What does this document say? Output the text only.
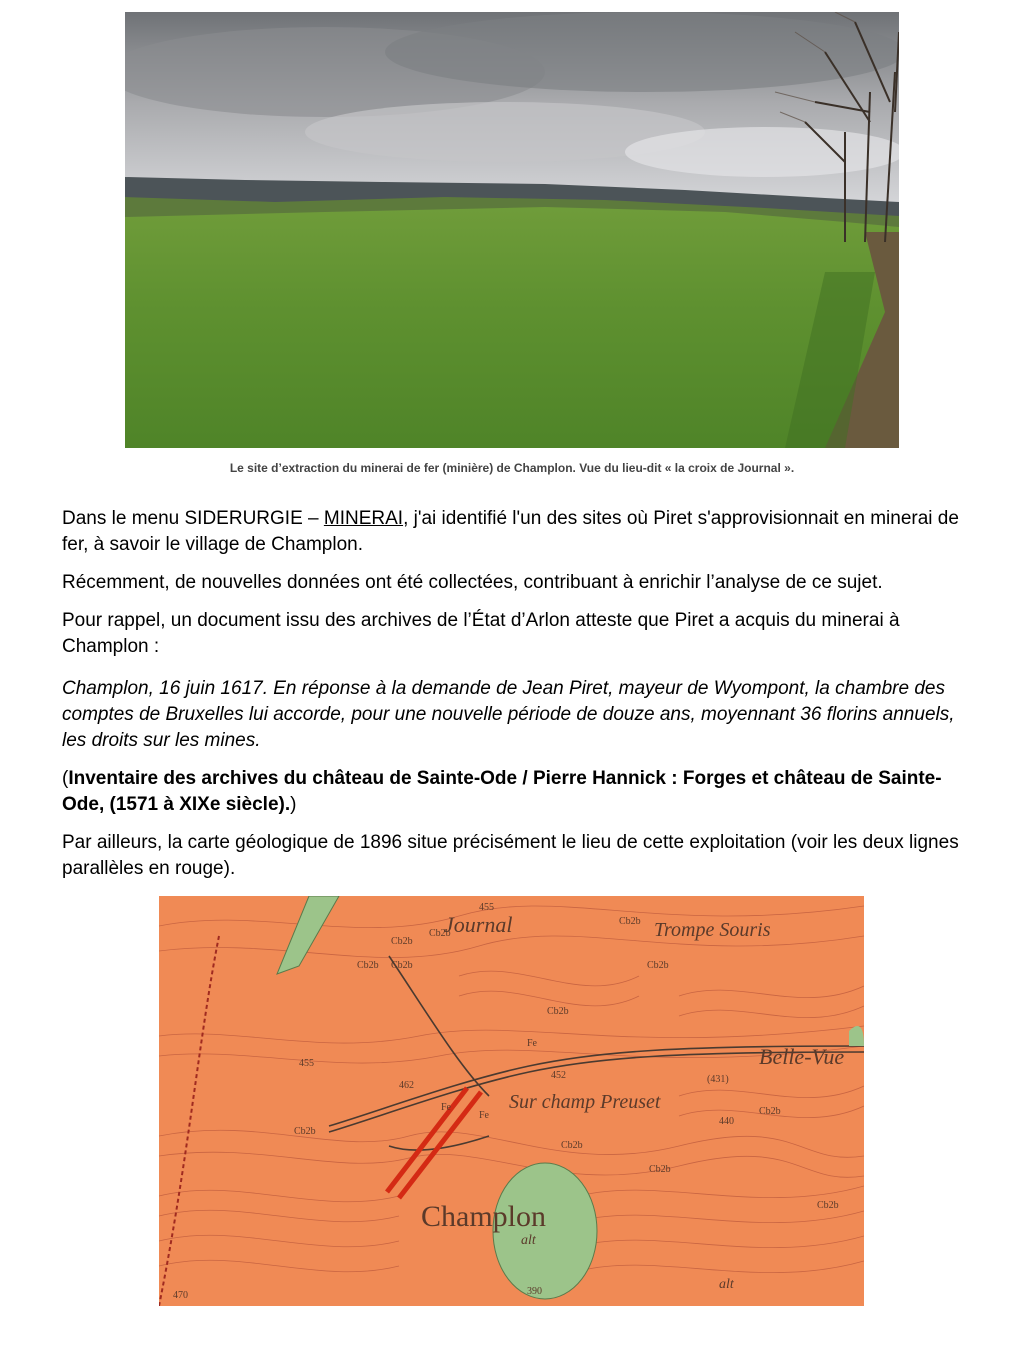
Le site d’extraction du minerai de fer (minière) de Champlon. Vue du lieu-dit « la croix de Journal ».

Dans le menu SIDERURGIE – MINERAI, j'ai identifié l'un des sites où Piret s'approvisionnait en minerai de fer, à savoir le village de Champlon.

Récemment, de nouvelles données ont été collectées, contribuant à enrichir l’analyse de ce sujet.

Pour rappel, un document issu des archives de l’État d’Arlon atteste que Piret a acquis du minerai à Champlon :

Champlon, 16 juin 1617. En réponse à la demande de Jean Piret, mayeur de Wyompont, la chambre des comptes de Bruxelles lui accorde, pour une nouvelle période de douze ans, moyennant 36 florins annuels, les droits sur les mines.

(Inventaire des archives du château de Sainte-Ode / Pierre Hannick : Forges et château de Sainte-Ode, (1571 à XIXe siècle).)

Par ailleurs, la carte géologique de 1896 situe précisément le lieu de cette exploitation (voir les deux lignes parallèles en rouge).

Journal	Trompe Souris
Belle-Vue
Sur champ Preuset
Champlon
Fe
Fe
Fe
alt
alt
Cb2b
Cb2b
Cb2b Cb2b
Cb2b
Cb2b
Cb2b
Cb2b
Cb2b
Cb2b
Cb2b
Cb2b
455
455
462
452	(431)
440
390
470
